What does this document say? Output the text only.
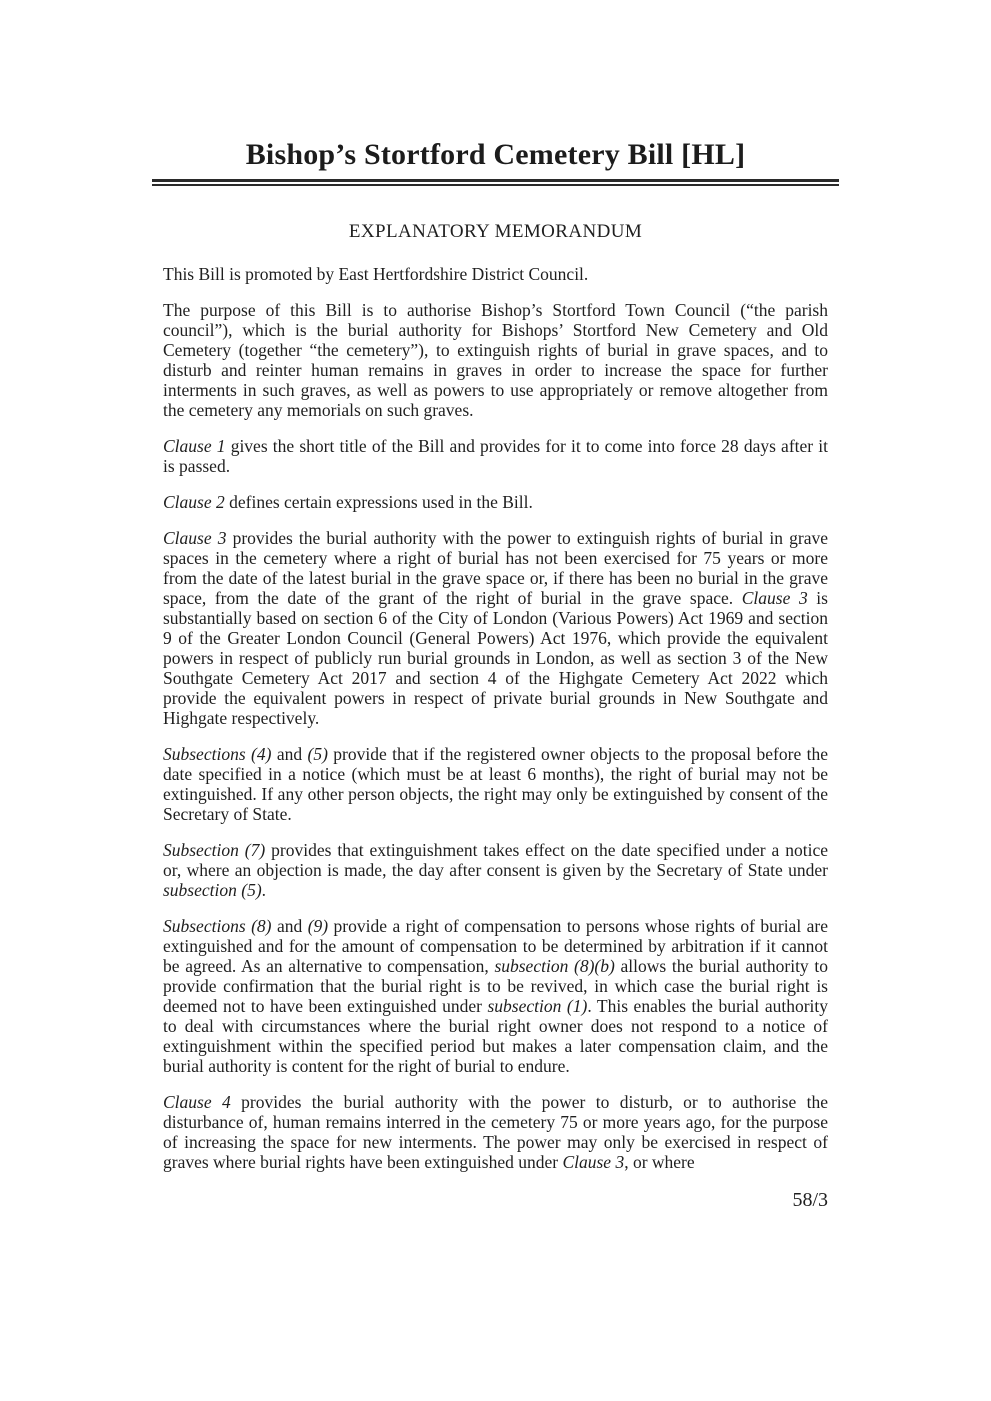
Bishop’s Stortford Cemetery Bill [HL]
EXPLANATORY MEMORANDUM

This Bill is promoted by East Hertfordshire District Council.

The purpose of this Bill is to authorise Bishop’s Stortford Town Council (“the parish council”), which is the burial authority for Bishops’ Stortford New Cemetery and Old Cemetery (together “the cemetery”), to extinguish rights of burial in grave spaces, and to disturb and reinter human remains in graves in order to increase the space for further interments in such graves, as well as powers to use appropriately or remove altogether from the cemetery any memorials on such graves.

Clause 1 gives the short title of the Bill and provides for it to come into force 28 days after it is passed.

Clause 2 defines certain expressions used in the Bill.

Clause 3 provides the burial authority with the power to extinguish rights of burial in grave spaces in the cemetery where a right of burial has not been exercised for 75 years or more from the date of the latest burial in the grave space or, if there has been no burial in the grave space, from the date of the grant of the right of burial in the grave space. Clause 3 is substantially based on section 6 of the City of London (Various Powers) Act 1969 and section 9 of the Greater London Council (General Powers) Act 1976, which provide the equivalent powers in respect of publicly run burial grounds in London, as well as section 3 of the New Southgate Cemetery Act 2017 and section 4 of the Highgate Cemetery Act 2022 which provide the equivalent powers in respect of private burial grounds in New Southgate and Highgate respectively.

Subsections (4) and (5) provide that if the registered owner objects to the proposal before the date specified in a notice (which must be at least 6 months), the right of burial may not be extinguished. If any other person objects, the right may only be extinguished by consent of the Secretary of State.

Subsection (7) provides that extinguishment takes effect on the date specified under a notice or, where an objection is made, the day after consent is given by the Secretary of State under subsection (5).

Subsections (8) and (9) provide a right of compensation to persons whose rights of burial are extinguished and for the amount of compensation to be determined by arbitration if it cannot be agreed. As an alternative to compensation, subsection (8)(b) allows the burial authority to provide confirmation that the burial right is to be revived, in which case the burial right is deemed not to have been extinguished under subsection (1). This enables the burial authority to deal with circumstances where the burial right owner does not respond to a notice of extinguishment within the specified period but makes a later compensation claim, and the burial authority is content for the right of burial to endure.

Clause 4 provides the burial authority with the power to disturb, or to authorise the disturbance of, human remains interred in the cemetery 75 or more years ago, for the purpose of increasing the space for new interments. The power may only be exercised in respect of graves where burial rights have been extinguished under Clause 3, or where

58/3
